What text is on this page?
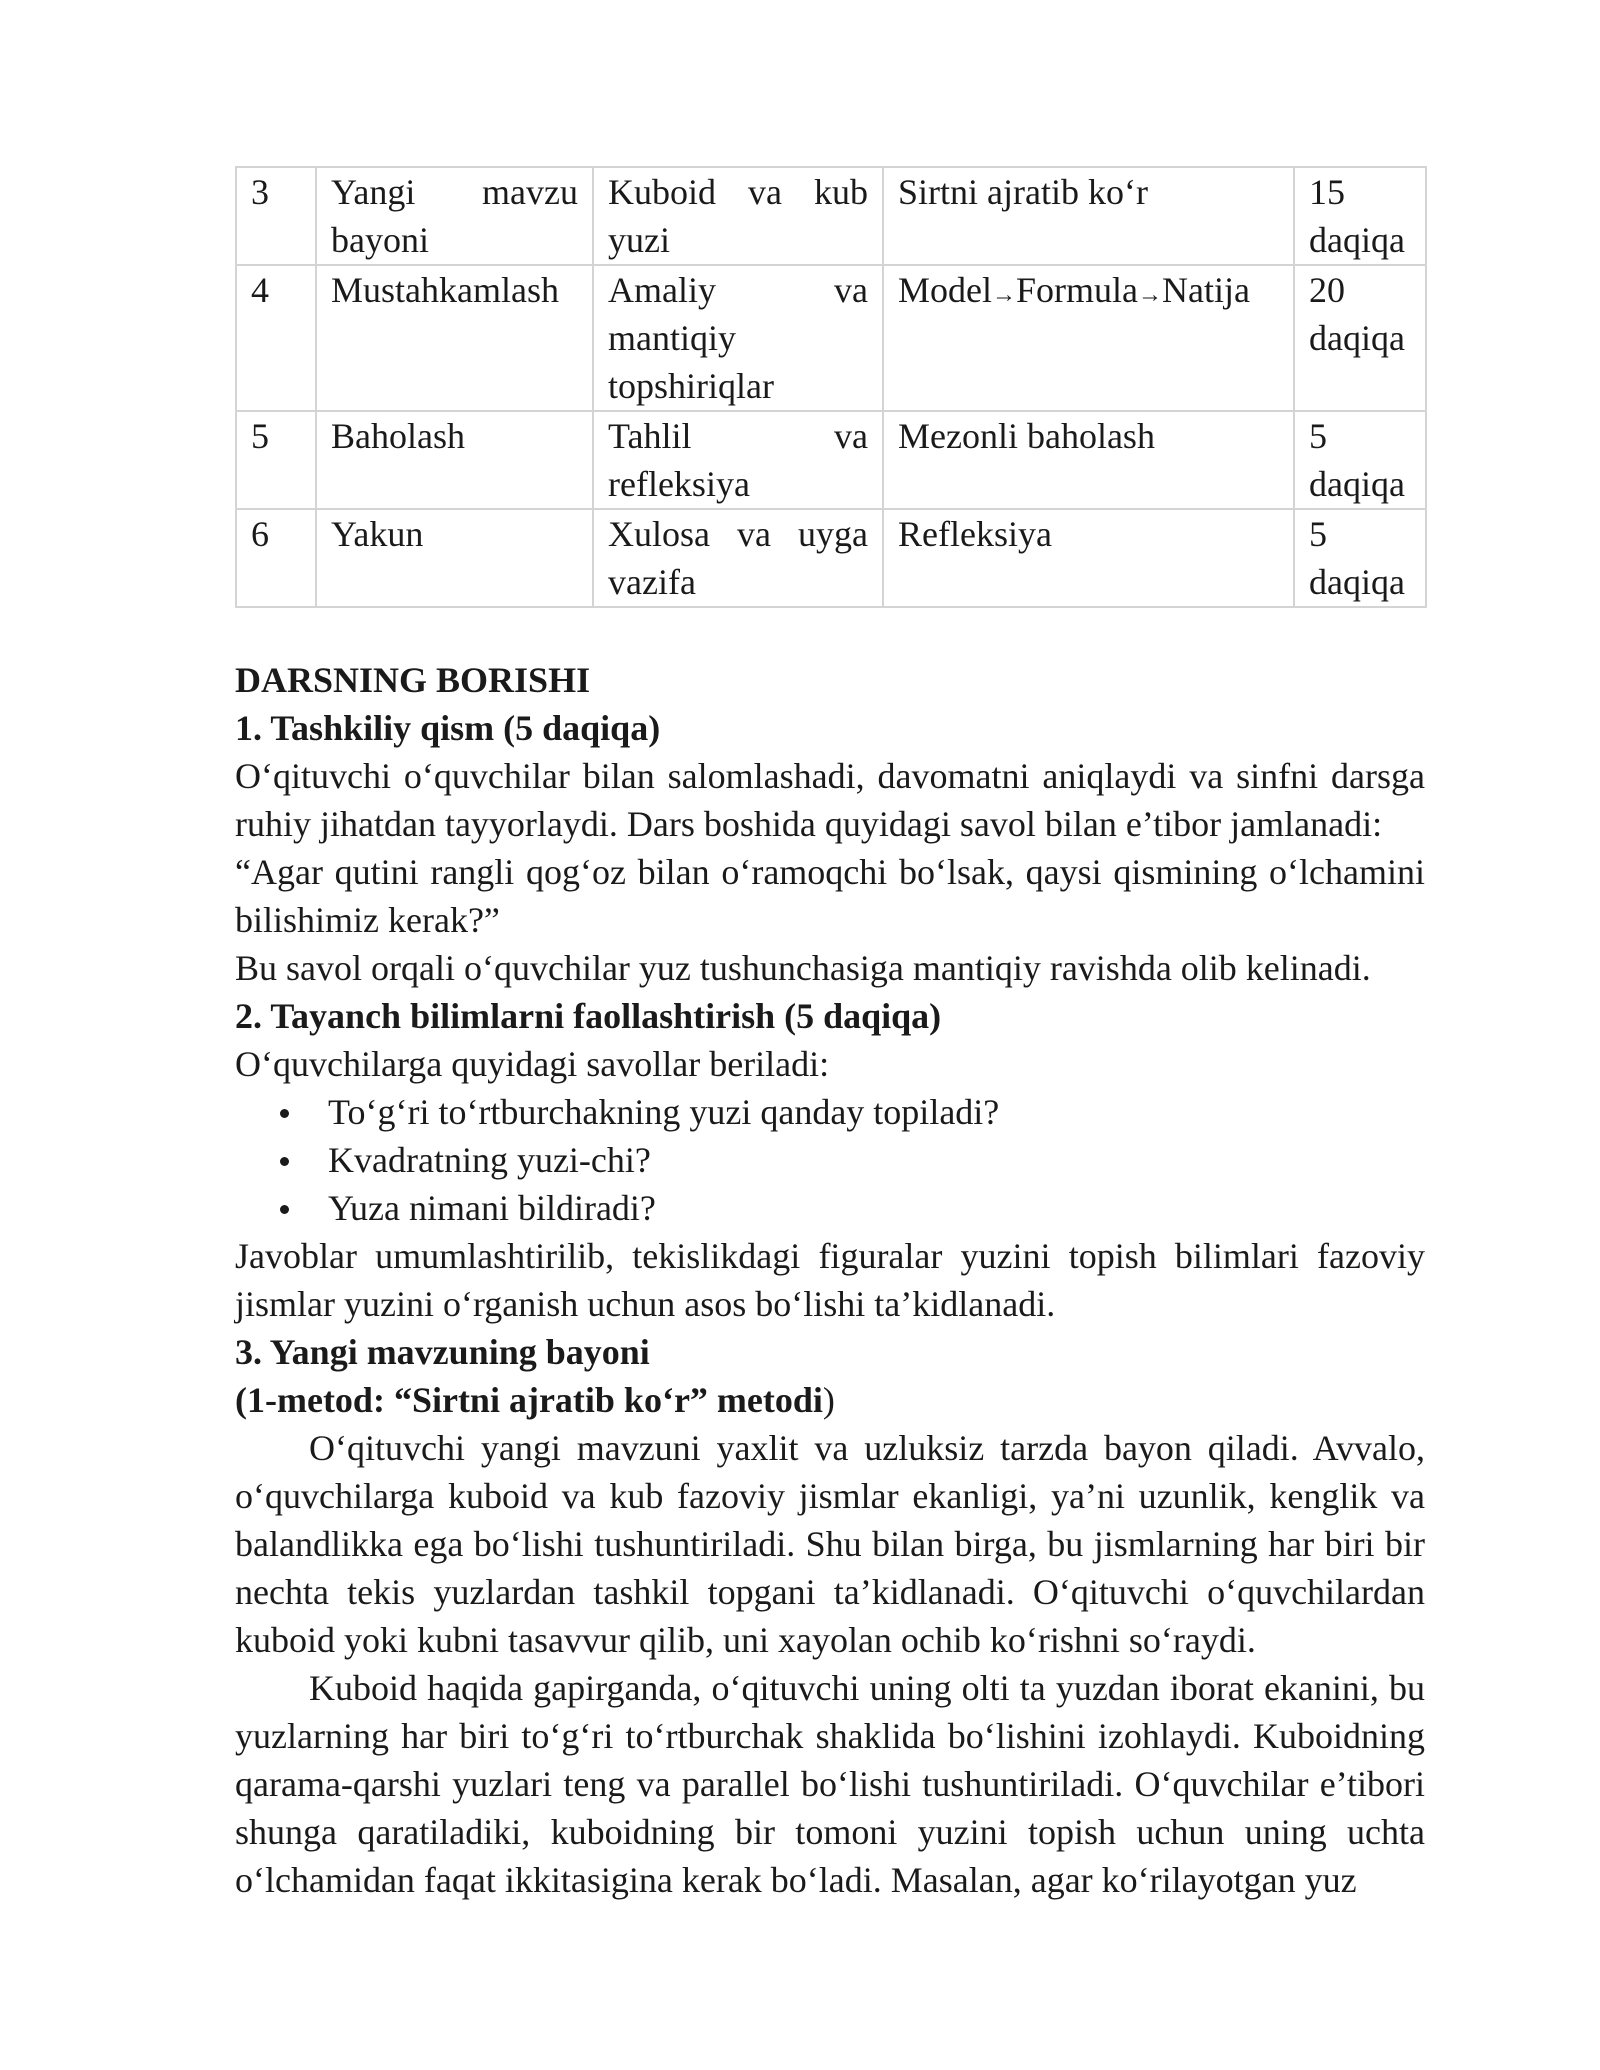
3	Yangi mavzu bayoni	Kuboid va kub yuzi	Sirtni ajratib ko‘r	15 daqiqa
4	Mustahkamlash	Amaliy va mantiqiy topshiriqlar	Model→Formula→Natija	20 daqiqa
5	Baholash	Tahlil va refleksiya	Mezonli baholash	5 daqiqa
6	Yakun	Xulosa va uyga vazifa	Refleksiya	5 daqiqa
DARSNING BORISHI
1. Tashkiliy qism (5 daqiqa)

O‘qituvchi o‘quvchilar bilan salomlashadi, davomatni aniqlaydi va sinfni darsga ruhiy jihatdan tayyorlaydi. Dars boshida quyidagi savol bilan e’tibor jamlanadi:

“Agar qutini rangli qog‘oz bilan o‘ramoqchi bo‘lsak, qaysi qismining o‘lchamini bilishimiz kerak?”

Bu savol orqali o‘quvchilar yuz tushunchasiga mantiqiy ravishda olib kelinadi.

2. Tayanch bilimlarni faollashtirish (5 daqiqa)

O‘quvchilarga quyidagi savollar beriladi:

To‘g‘ri to‘rtburchakning yuzi qanday topiladi?
Kvadratning yuzi-chi?
Yuza nimani bildiradi?

Javoblar umumlashtirilib, tekislikdagi figuralar yuzini topish bilimlari fazoviy jismlar yuzini o‘rganish uchun asos bo‘lishi ta’kidlanadi.

3. Yangi mavzuning bayoni
(1-metod: “Sirtni ajratib ko‘r” metodi)

O‘qituvchi yangi mavzuni yaxlit va uzluksiz tarzda bayon qiladi. Avvalo, o‘quvchilarga kuboid va kub fazoviy jismlar ekanligi, ya’ni uzunlik, kenglik va balandlikka ega bo‘lishi tushuntiriladi. Shu bilan birga, bu jismlarning har biri bir nechta tekis yuzlardan tashkil topgani ta’kidlanadi. O‘qituvchi o‘quvchilardan kuboid yoki kubni tasavvur qilib, uni xayolan ochib ko‘rishni so‘raydi.

Kuboid haqida gapirganda, o‘qituvchi uning olti ta yuzdan iborat ekanini, bu yuzlarning har biri to‘g‘ri to‘rtburchak shaklida bo‘lishini izohlaydi. Kuboidning qarama-qarshi yuzlari teng va parallel bo‘lishi tushuntiriladi. O‘quvchilar e’tibori shunga qaratiladiki, kuboidning bir tomoni yuzini topish uchun uning uchta o‘lchamidan faqat ikkitasigina kerak bo‘ladi. Masalan, agar ko‘rilayotgan yuz
